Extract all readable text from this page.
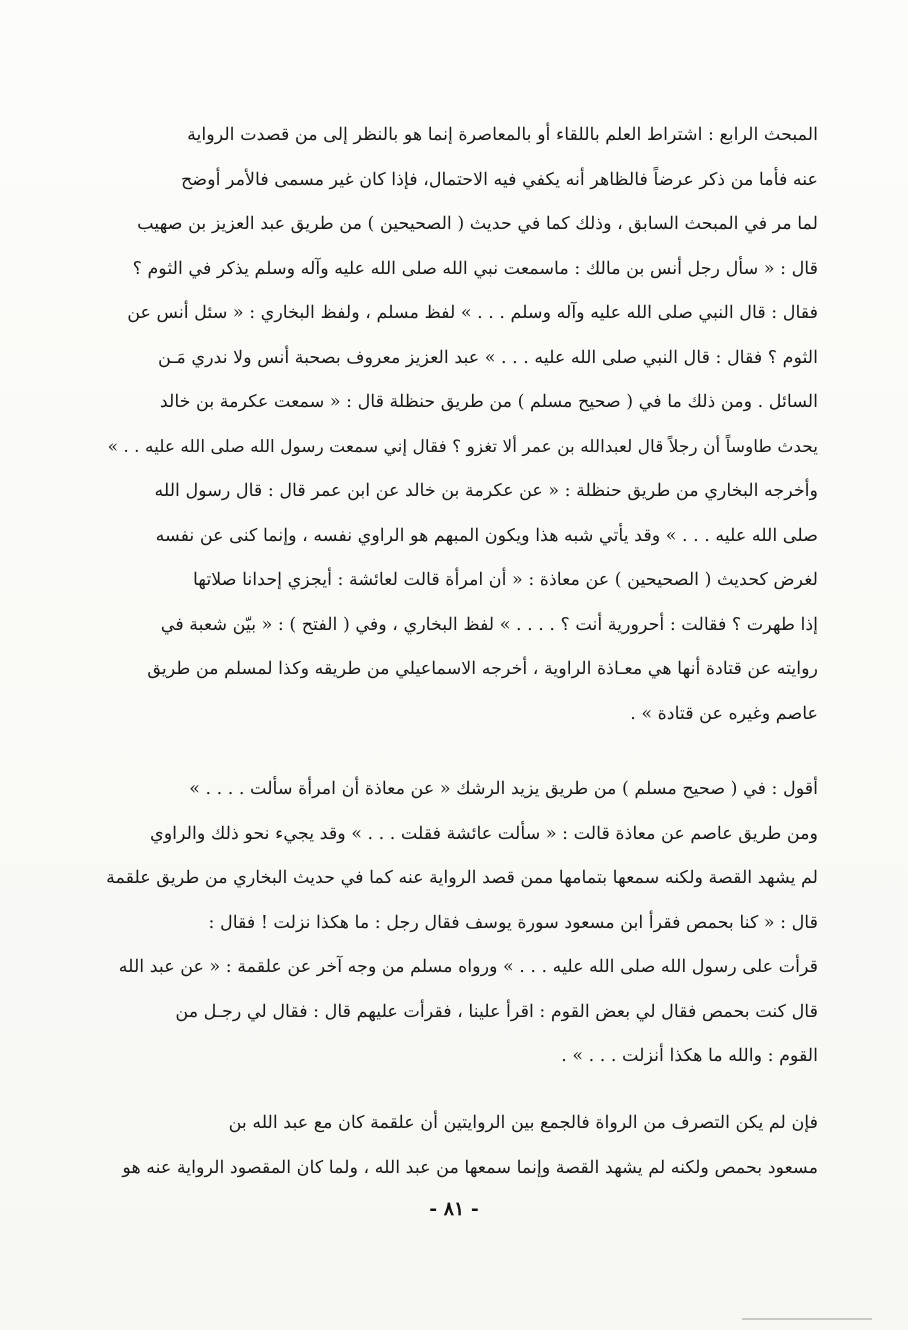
المبحث الرابع : اشتراط العلم باللقاء أو بالمعاصرة إنما هو بالنظر إلى من قصدت الرواية
عنه فأما من ذكر عرضاً فالظاهر أنه يكفي فيه الاحتمال، فإذا كان غير مسمى فالأمر أوضح
لما مر في المبحث السابق ، وذلك كما في حديث ( الصحيحين ) من طريق عبد العزيز بن صهيب
قال : « سأل رجل أنس بن مالك : ماسمعت نبي الله صلى الله عليه وآله وسلم يذكر في الثوم ؟
فقال : قال النبي صلى الله عليه وآله وسلم . . . » لفظ مسلم ، ولفظ البخاري : « سئل أنس عن
الثوم ؟ فقال : قال النبي صلى الله عليه . . . » عبد العزيز معروف بصحبة أنس ولا ندري مَـن
السائل . ومن ذلك ما في ( صحيح مسلم ) من طريق حنظلة قال : « سمعت عكرمة بن خالد
يحدث طاوساً أن رجلاً قال لعبدالله بن عمر ألا تغزو ؟ فقال إني سمعت رسول الله صلى الله عليه . . »
وأخرجه البخاري من طريق حنظلة : « عن عكرمة بن خالد عن ابن عمر قال : قال رسول الله
صلى الله عليه . . . » وقد يأتي شبه هذا ويكون المبهم هو الراوي نفسه ، وإنما كنى عن نفسه
لغرض كحديث ( الصحيحين ) عن معاذة : « أن امرأة قالت لعائشة : أيجزي إحدانا صلاتها
إذا طهرت ؟ فقالت : أحرورية أنت ؟ . . . . » لفظ البخاري ، وفي ( الفتح ) : « بيّن شعبة في
روايته عن قتادة أنها هي معـاذة الراوية ، أخرجه الاسماعيلي من طريقه وكذا لمسلم من طريق
عاصم وغيره عن قتادة » .
أقول : في ( صحيح مسلم ) من طريق يزيد الرشك « عن معاذة أن امرأة سألت . . . . »
ومن طريق عاصم عن معاذة قالت : « سألت عائشة فقلت . . . » وقد يجيء نحو ذلك والراوي
لم يشهد القصة ولكنه سمعها بتمامها ممن قصد الرواية عنه كما في حديث البخاري من طريق علقمة
قال : « كنا بحمص فقرأ ابن مسعود سورة يوسف فقال رجل : ما هكذا نزلت ! فقال :
قرأت على رسول الله صلى الله عليه . . . » ورواه مسلم من وجه آخر عن علقمة : « عن عبد الله
قال كنت بحمص فقال لي بعض القوم : اقرأ علينا ، فقرأت عليهم قال : فقال لي رجـل من
القوم : والله ما هكذا أنزلت . . . » .
فإن لم يكن التصرف من الرواة فالجمع بين الروايتين أن علقمة كان مع عبد الله بن
مسعود بحمص ولكنه لم يشهد القصة وإنما سمعها من عبد الله ، ولما كان المقصود الرواية عنه هو
- ٨١ -
